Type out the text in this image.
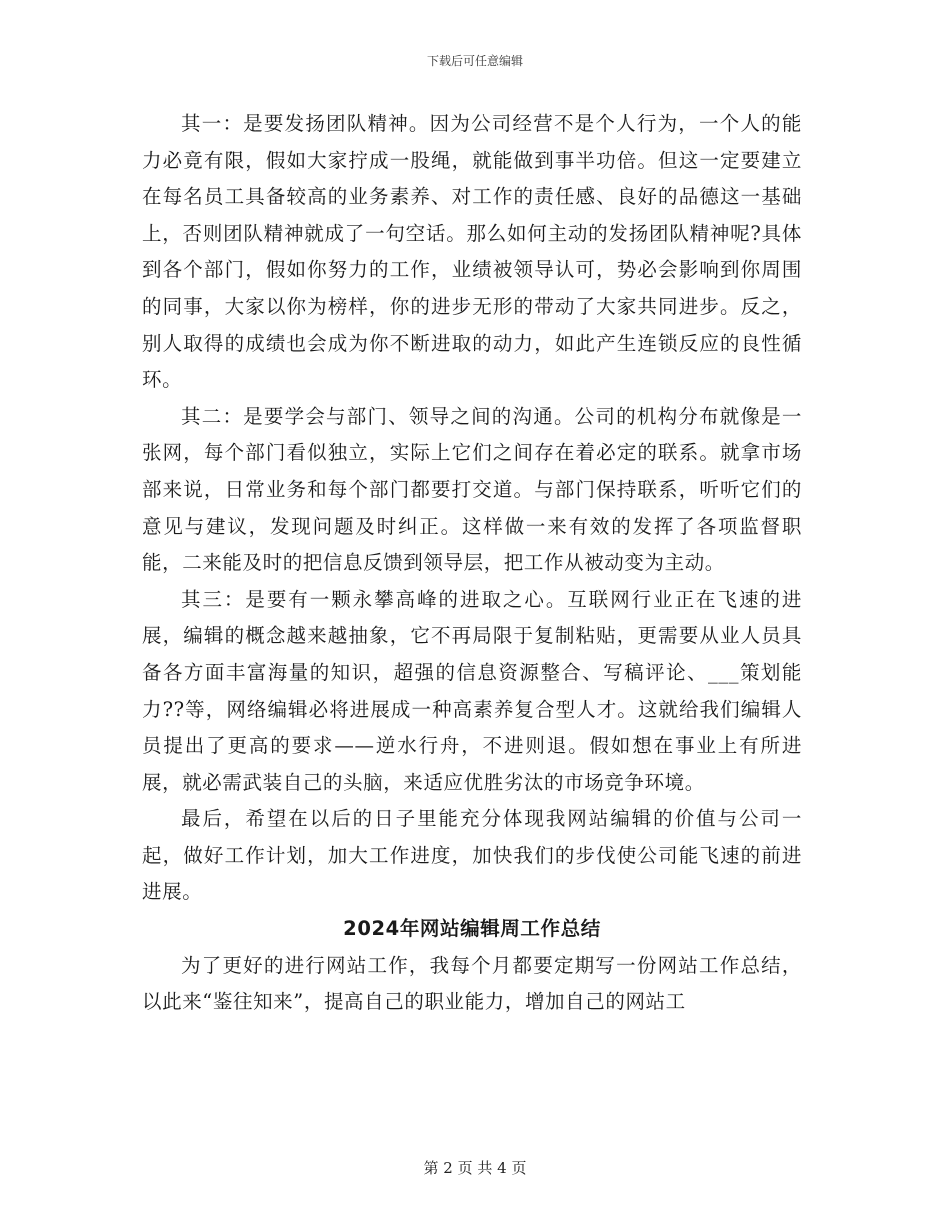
下载后可任意编辑

其一：是要发扬团队精神。因为公司经营不是个人行为，一个人的能力必竟有限，假如大家拧成一股绳，就能做到事半功倍。但这一定要建立在每名员工具备较高的业务素养、对工作的责任感、良好的品德这一基础上，否则团队精神就成了一句空话。那么如何主动的发扬团队精神呢?具体到各个部门，假如你努力的工作，业绩被领导认可，势必会影响到你周围的同事，大家以你为榜样，你的进步无形的带动了大家共同进步。反之，别人取得的成绩也会成为你不断进取的动力，如此产生连锁反应的良性循环。

其二：是要学会与部门、领导之间的沟通。公司的机构分布就像是一张网，每个部门看似独立，实际上它们之间存在着必定的联系。就拿市场部来说，日常业务和每个部门都要打交道。与部门保持联系，听听它们的意见与建议，发现问题及时纠正。这样做一来有效的发挥了各项监督职能，二来能及时的把信息反馈到领导层，把工作从被动变为主动。

其三：是要有一颗永攀高峰的进取之心。互联网行业正在飞速的进展，编辑的概念越来越抽象，它不再局限于复制粘贴，更需要从业人员具备各方面丰富海量的知识，超强的信息资源整合、写稿评论、___策划能力??等，网络编辑必将进展成一种高素养复合型人才。这就给我们编辑人员提出了更高的要求——逆水行舟，不进则退。假如想在事业上有所进展，就必需武装自己的头脑，来适应优胜劣汰的市场竞争环境。

最后，希望在以后的日子里能充分体现我网站编辑的价值与公司一起，做好工作计划，加大工作进度，加快我们的步伐使公司能飞速的前进进展。

2024年网站编辑周工作总结

为了更好的进行网站工作，我每个月都要定期写一份网站工作总结，以此来“鉴往知来”，提高自己的职业能力，增加自己的网站工

第 2 页 共 4 页
